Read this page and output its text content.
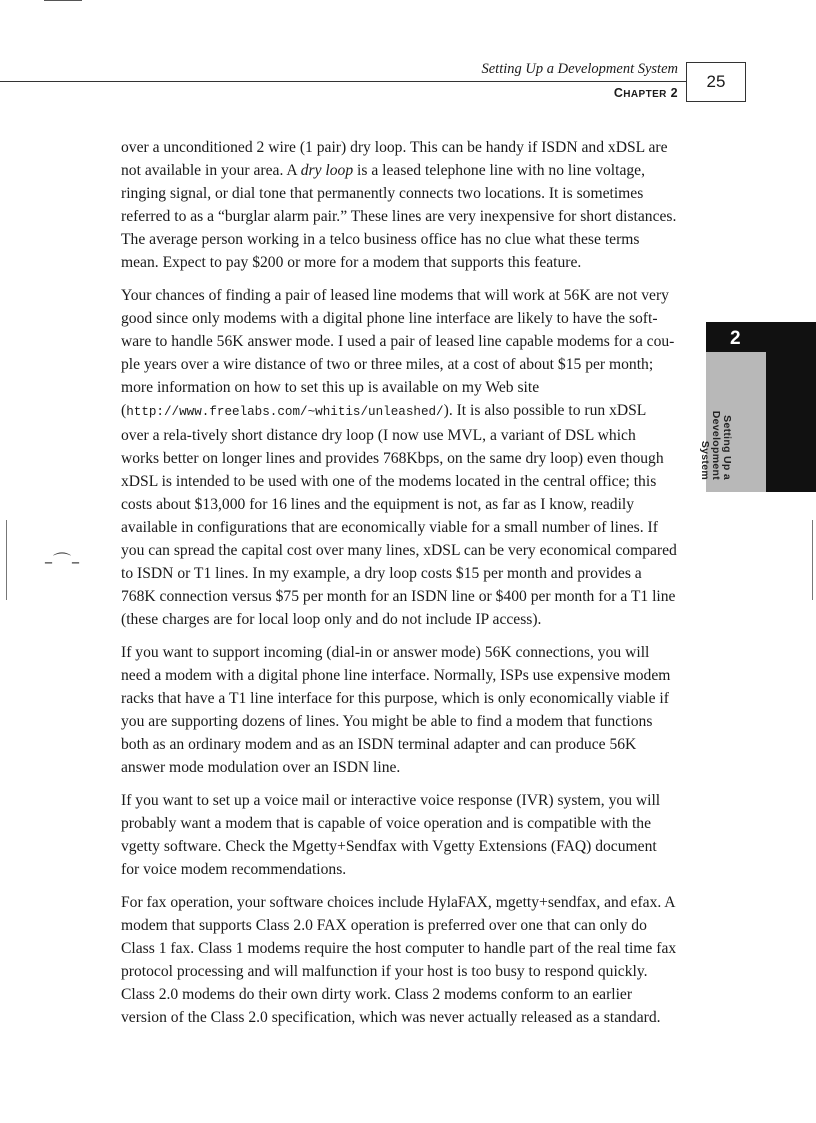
Setting Up a Development System
CHAPTER 2
25
2
Setting Up a
Development
System
–⌒–

over a unconditioned 2 wire (1 pair) dry loop. This can be handy if ISDN and xDSL are not available in your area. A dry loop is a leased telephone line with no line voltage, ringing signal, or dial tone that permanently connects two locations. It is sometimes referred to as a “burglar alarm pair.” These lines are very inexpensive for short distances. The average person working in a telco business office has no clue what these terms mean. Expect to pay $200 or more for a modem that supports this feature.

Your chances of finding a pair of leased line modems that will work at 56K are not very good since only modems with a digital phone line interface are likely to have the soft-ware to handle 56K answer mode. I used a pair of leased line capable modems for a cou-ple years over a wire distance of two or three miles, at a cost of about $15 per month; more information on how to set this up is available on my Web site (http://www.freelabs.com/~whitis/unleashed/). It is also possible to run xDSL over a rela-tively short distance dry loop (I now use MVL, a variant of DSL which works better on longer lines and provides 768Kbps, on the same dry loop) even though xDSL is intended to be used with one of the modems located in the central office; this costs about $13,000 for 16 lines and the equipment is not, as far as I know, readily available in configurations that are economically viable for a small number of lines. If you can spread the capital cost over many lines, xDSL can be very economical compared to ISDN or T1 lines. In my example, a dry loop costs $15 per month and provides a 768K connection versus $75 per month for an ISDN line or $400 per month for a T1 line (these charges are for local loop only and do not include IP access).

If you want to support incoming (dial-in or answer mode) 56K connections, you will need a modem with a digital phone line interface. Normally, ISPs use expensive modem racks that have a T1 line interface for this purpose, which is only economically viable if you are supporting dozens of lines. You might be able to find a modem that functions both as an ordinary modem and as an ISDN terminal adapter and can produce 56K answer mode modulation over an ISDN line.

If you want to set up a voice mail or interactive voice response (IVR) system, you will probably want a modem that is capable of voice operation and is compatible with the vgetty software. Check the Mgetty+Sendfax with Vgetty Extensions (FAQ) document for voice modem recommendations.

For fax operation, your software choices include HylaFAX, mgetty+sendfax, and efax. A modem that supports Class 2.0 FAX operation is preferred over one that can only do Class 1 fax. Class 1 modems require the host computer to handle part of the real time fax protocol processing and will malfunction if your host is too busy to respond quickly. Class 2.0 modems do their own dirty work. Class 2 modems conform to an earlier version of the Class 2.0 specification, which was never actually released as a standard.
